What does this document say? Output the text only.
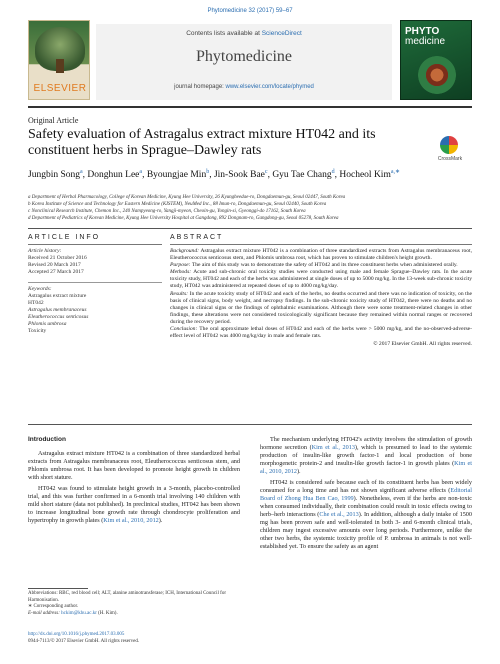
Phytomedicine 32 (2017) 59–67
ELSEVIER
Contents lists available at ScienceDirect
Phytomedicine
journal homepage: www.elsevier.com/locate/phymed
PHYTO
medicine
Original Article
Safety evaluation of Astragalus extract mixture HT042 and its constituent herbs in Sprague–Dawley rats
CrossMark
Jungbin Song$^a$, Donghun Lee$^a$, Byoungjae Min$^b$, Jin-Sook Bae$^c$, Gyu Tae Chang$^d$, Hocheol Kim$^{a,∗}$
a Department of Herbal Pharmacology, College of Korean Medicine, Kyung Hee University, 26 Kyungheedae-ro, Dongdaemun-gu, Seoul 02447, South Korea
b Korea Institute of Science and Technology for Eastern Medicine (KISTEM), NeuMed Inc., 88 Imun-ro, Dongdaemun-gu, Seoul 02440, South Korea
c Nonclinical Research Institute, Chemon Inc., 240 Nampyeong-ro, Yangji-myeon, Cheoin-gu, Yongin-si, Gyeonggi-do 17162, South Korea
d Department of Pediatrics of Korean Medicine, Kyung Hee University Hospital at Gangdong, 892 Dongnam-ro, Gangdong-gu, Seoul 05278, South Korea
ARTICLE INFO	ABSTRACT
Article history:
Received 21 October 2016
Revised 20 March 2017
Accepted 27 March 2017
Keywords:
Astragalus extract mixture
HT042
Astragalus membranaceus
Eleutherococcus senticosus
Phlomis umbrosa
Toxicity

Background: Astragalus extract mixture HT042 is a combination of three standardized extracts from Astragalus membranaceus root, Eleutherococcus senticosus stem, and Phlomis umbrosa root, which has proven to stimulate children's height growth.

Purpose: The aim of this study was to demonstrate the safety of HT042 and its three constituent herbs when administered orally.

Methods: Acute and sub-chronic oral toxicity studies were conducted using male and female Sprague–Dawley rats. In the acute toxicity study, HT042 and each of the herbs was administered at single doses of up to 5000 mg/kg. In the 13-week sub-chronic toxicity study, HT042 was administered at repeated doses of up to 4000 mg/kg/day.

Results: In the acute toxicity study of HT042 and each of the herbs, no deaths occurred and there was no indication of toxicity, on the basis of clinical signs, body weight, and necropsy findings. In the sub-chronic toxicity study of HT042, there were no deaths and no changes in clinical signs or the findings of ophthalmic examinations. Although there were some treatment-related changes in other findings, these alterations were not considered toxicologically significant because they remained within normal ranges or recovered during the recovery period.

Conclusion: The oral approximate lethal doses of HT042 and each of the herbs were > 5000 mg/kg, and the no-observed-adverse-effect level of HT042 was 4000 mg/kg/day in male and female rats.

© 2017 Elsevier GmbH. All rights reserved.

Introduction
Astragalus extract mixture HT042 is a combination of three standardized herbal extracts from Astragalus membranaceus root, Eleutherococcus senticosus stem, and Phlomis umbrosa root. It has been developed to promote height growth in children with short stature.
HT042 was found to stimulate height growth in a 3-month, placebo-controlled trial, and this was further confirmed in a 6-month trial involving 140 children with mild short stature (data not published). In preclinical studies, HT042 has been shown to increase longitudinal bone growth rate through chondrocyte proliferation and hypertrophy in growth plates (Kim et al., 2010, 2012).
The mechanism underlying HT042's activity involves the stimulation of growth hormone secretion (Kim et al., 2013), which is presumed to lead to the systemic production of insulin-like growth factor-1 and local production of bone morphogenetic protein-2 and insulin-like growth factor-1 in growth plates (Kim et al., 2010, 2012).
HT042 is considered safe because each of its constituent herbs has been widely consumed for a long time and has not shown significant adverse effects (Editorial Board of Zhong Hua Ben Cao, 1999). Nonetheless, even if the herbs are non-toxic when consumed individually, their combination could result in toxic effects owing to herb–herb interactions (Che et al., 2013). In addition, although a daily intake of 1500 mg has been proven safe and well-tolerated in both 3- and 6-month clinical trials, children may ingest excessive amounts over long periods. Furthermore, unlike the other two herbs, the systemic toxicity profile of P. umbrosa in animals is not well-established yet. To ensure the safety as an agent
Abbreviations: RBC, red blood cell; ALT, alanine aminotransferase; ICH, International Council for Harmonisation.
∗ Corresponding author.
E-mail address: hckim@khu.ac.kr (H. Kim).
http://dx.doi.org/10.1016/j.phymed.2017.03.005
0944-7113/© 2017 Elsevier GmbH. All rights reserved.
